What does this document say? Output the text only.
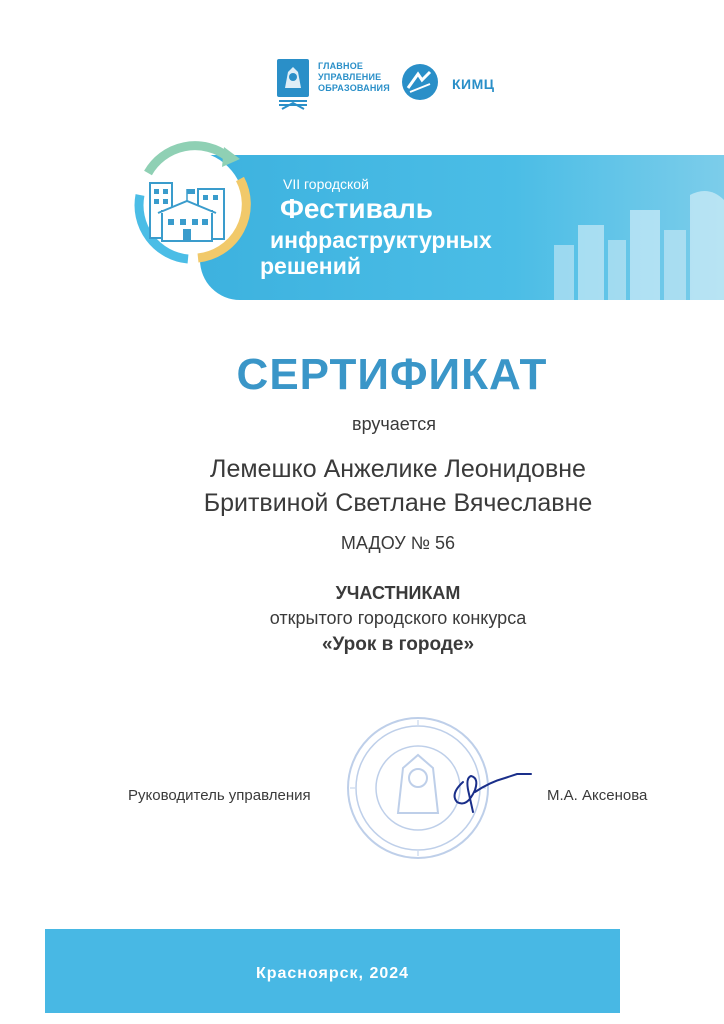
ГЛАВНОЕ
УПРАВЛЕНИЕ
ОБРАЗОВАНИЯ	КИМЦ
VII городской
Фестиваль
инфраструктурных
решений
СЕРТИФИКАТ
вручается
Лемешко Анжелике Леонидовне
Бритвиной Светлане Вячеславне
МАДОУ № 56
УЧАСТНИКАМ
открытого городского конкурса
«Урок в городе»
Руководитель управления	М.А. Аксенова
Красноярск, 2024
